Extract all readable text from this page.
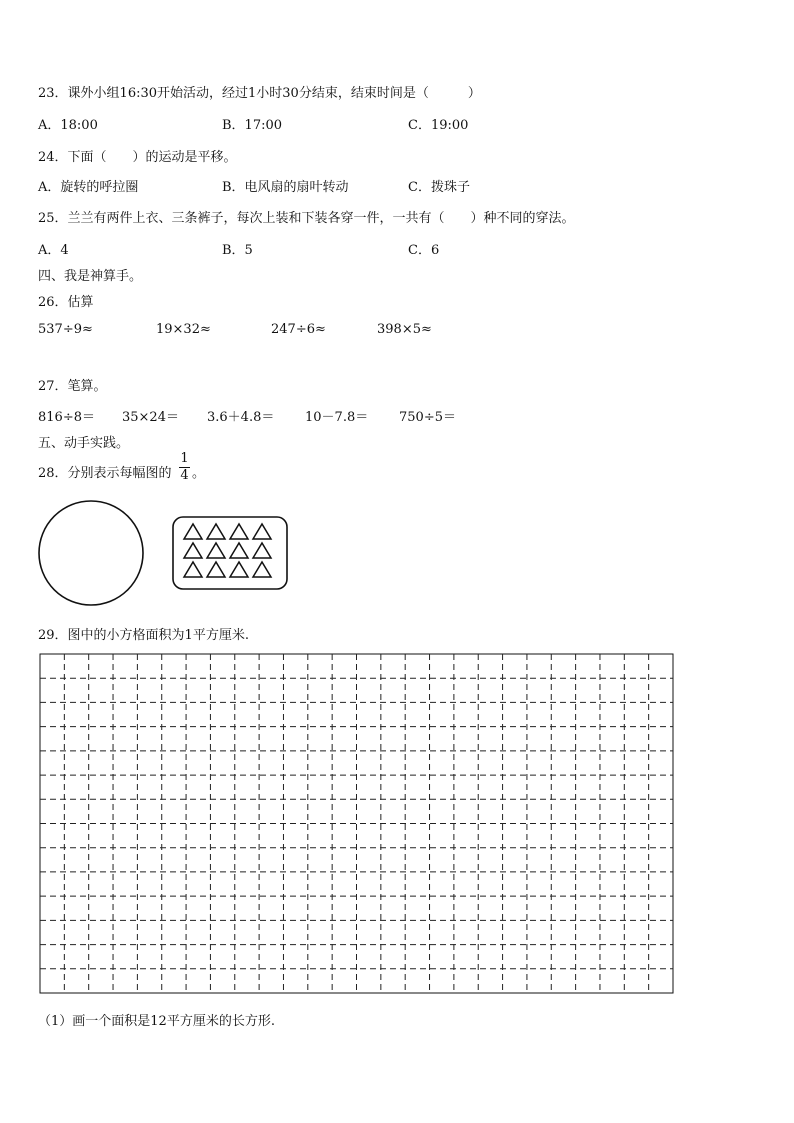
23．课外小组16:30开始活动，经过1小时30分结束，结束时间是（　　　）
A．18:00	B．17:00	C．19:00
24．下面（　　）的运动是平移。
A．旋转的呼拉圈	B．电风扇的扇叶转动	C．拨珠子
25．兰兰有两件上衣、三条裤子，每次上装和下装各穿一件，一共有（　　）种不同的穿法。
A．4	B．5	C．6
四、我是神算手。
26．估算
537÷9≈	19×32≈	247÷6≈	398×5≈
27．笔算。
816÷8＝ 35×24＝ 3.6＋4.8＝ 10－7.8＝ 750÷5＝
五、动手实践。
28．分别表示每幅图的
1
4 。
29．图中的小方格面积为1平方厘米.
（1）画一个面积是12平方厘米的长方形.
